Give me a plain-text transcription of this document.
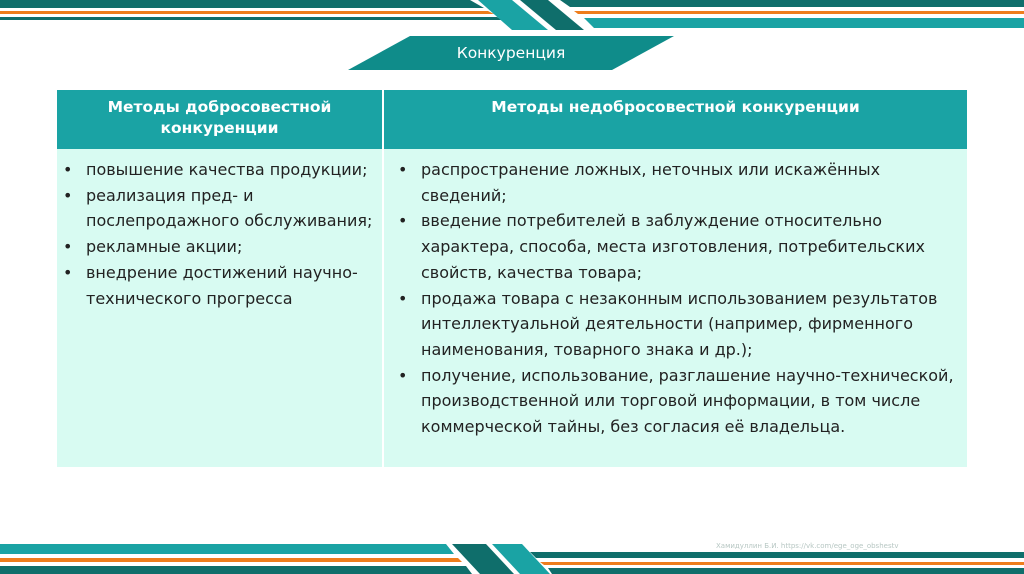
Конкуренция
Методы добросовестной конкуренции
Методы недобросовестной конкуренции
• повышение качества продукции;
• реализация пред- и послепродажного обслуживания;
• рекламные акции;
• внедрение достижений научно-технического прогресса
• распространение ложных, неточных или искажённых сведений;
• введение потребителей в заблуждение относительно характера, способа, места изготовления, потребительских свойств, качества товара;
• продажа товара с незаконным использованием результатов интеллектуальной деятельности (например, фирменного наименования, товарного знака и др.);
• получение, использование, разглашение научно-технической, производственной или торговой информации, в том числе коммерческой тайны, без согласия её владельца.
Хамидуллин Б.И. https://vk.com/ege_oge_obshestv
